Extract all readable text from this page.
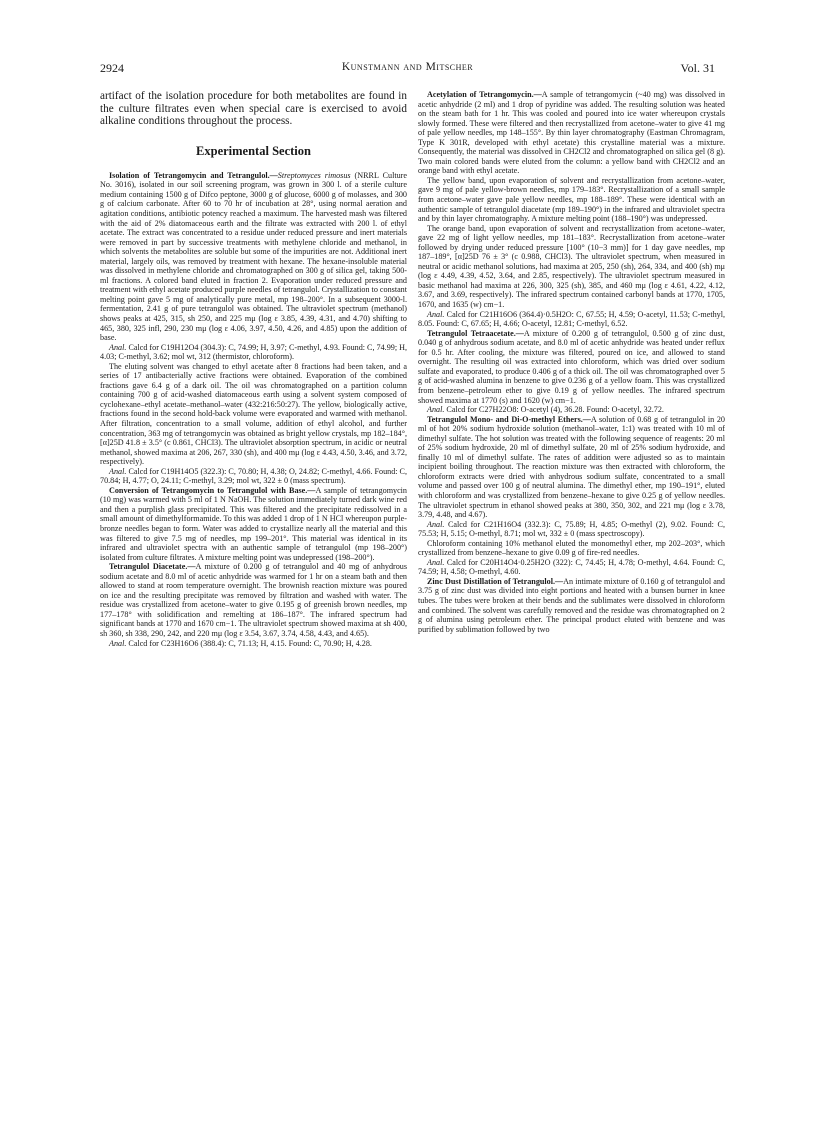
2924	Kunstmann and Mitscher	Vol. 31

artifact of the isolation procedure for both metabolites are found in the culture filtrates even when special care is exercised to avoid alkaline conditions throughout the process.

Experimental Section

Isolation of Tetrangomycin and Tetrangulol.—Streptomyces rimosus (NRRL Culture No. 3016), isolated in our soil screening program, was grown in 300 l. of a sterile culture medium containing 1500 g of Difco peptone, 3000 g of glucose, 6000 g of molasses, and 300 g of calcium carbonate. After 60 to 70 hr of incubation at 28°, using normal aeration and agitation conditions, antibiotic potency reached a maximum. The harvested mash was filtered with the aid of 2% diatomaceous earth and the filtrate was extracted with 200 l. of ethyl acetate. The extract was concentrated to a residue under reduced pressure and inert materials were removed in part by successive treatments with methylene chloride and methanol, in which solvents the metabolites are soluble but some of the impurities are not. Additional inert material, largely oils, was removed by treatment with hexane. The hexane-insoluble material was dissolved in methylene chloride and chromatographed on 300 g of silica gel, taking 500-ml fractions. A colored band eluted in fraction 2. Evaporation under reduced pressure and treatment with ethyl acetate produced purple needles of tetrangulol. Crystallization to constant melting point gave 5 mg of analytically pure metal, mp 198–200°. In a subsequent 3000-l. fermentation, 2.41 g of pure tetrangulol was obtained. The ultraviolet spectrum (methanol) shows peaks at 425, 315, sh 250, and 225 mμ (log ε 3.85, 4.39, 4.31, and 4.70) shifting to 465, 380, 325 infl, 290, 230 mμ (log ε 4.06, 3.97, 4.50, 4.26, and 4.85) upon the addition of base.

Anal. Calcd for C19H12O4 (304.3): C, 74.99; H, 3.97; C-methyl, 4.93. Found: C, 74.99; H, 4.03; C-methyl, 3.62; mol wt, 312 (thermistor, chloroform).

The eluting solvent was changed to ethyl acetate after 8 fractions had been taken, and a series of 17 antibacterially active fractions were obtained. Evaporation of the combined fractions gave 6.4 g of a dark oil. The oil was chromatographed on a partition column containing 700 g of acid-washed diatomaceous earth using a solvent system composed of cyclohexane–ethyl acetate–methanol–water (432:216:50:27). The yellow, biologically active, fractions found in the second hold-back volume were evaporated and warmed with methanol. After filtration, concentration to a small volume, addition of ethyl alcohol, and further concentration, 363 mg of tetrangomycin was obtained as bright yellow crystals, mp 182–184°, [α]25D 41.8 ± 3.5° (c 0.861, CHCl3). The ultraviolet absorption spectrum, in acidic or neutral methanol, showed maxima at 206, 267, 330 (sh), and 400 mμ (log ε 4.43, 4.50, 3.46, and 3.72, respectively).

Anal. Calcd for C19H14O5 (322.3): C, 70.80; H, 4.38; O, 24.82; C-methyl, 4.66. Found: C, 70.84; H, 4.77; O, 24.11; C-methyl, 3.29; mol wt, 322 ± 0 (mass spectrum).

Conversion of Tetrangomycin to Tetrangulol with Base.—A sample of tetrangomycin (10 mg) was warmed with 5 ml of 1 N NaOH. The solution immediately turned dark wine red and then a purplish glass precipitated. This was filtered and the precipitate redissolved in a small amount of dimethylformamide. To this was added 1 drop of 1 N HCl whereupon purple-bronze needles began to form. Water was added to crystallize nearly all the material and this was filtered to give 7.5 mg of needles, mp 199–201°. This material was identical in its infrared and ultraviolet spectra with an authentic sample of tetrangulol (mp 198–200°) isolated from culture filtrates. A mixture melting point was undepressed (198–200°).

Tetrangulol Diacetate.—A mixture of 0.200 g of tetrangulol and 40 mg of anhydrous sodium acetate and 8.0 ml of acetic anhydride was warmed for 1 hr on a steam bath and then allowed to stand at room temperature overnight. The brownish reaction mixture was poured on ice and the resulting precipitate was removed by filtration and washed with water. The residue was crystallized from acetone–water to give 0.195 g of greenish brown needles, mp 177–178° with solidification and remelting at 186–187°. The infrared spectrum had significant bands at 1770 and 1670 cm−1. The ultraviolet spectrum showed maxima at sh 400, sh 360, sh 338, 290, 242, and 220 mμ (log ε 3.54, 3.67, 3.74, 4.58, 4.43, and 4.65).

Anal. Calcd for C23H16O6 (388.4): C, 71.13; H, 4.15. Found: C, 70.90; H, 4.28.

Acetylation of Tetrangomycin.—A sample of tetrangomycin (~40 mg) was dissolved in acetic anhydride (2 ml) and 1 drop of pyridine was added. The resulting solution was heated on the steam bath for 1 hr. This was cooled and poured into ice water whereupon crystals slowly formed. These were filtered and then recrystallized from acetone–water to give 41 mg of pale yellow needles, mp 148–155°. By thin layer chromatography (Eastman Chromagram, Type K 301R, developed with ethyl acetate) this crystalline material was a mixture. Consequently, the material was dissolved in CH2Cl2 and chromatographed on silica gel (8 g). Two main colored bands were eluted from the column: a yellow band with CH2Cl2 and an orange band with ethyl acetate.

The yellow band, upon evaporation of solvent and recrystallization from acetone–water, gave 9 mg of pale yellow-brown needles, mp 179–183°. Recrystallization of a small sample from acetone–water gave pale yellow needles, mp 188–189°. These were identical with an authentic sample of tetrangulol diacetate (mp 189–190°) in the infrared and ultraviolet spectra and by thin layer chromatography. A mixture melting point (188–190°) was undepressed.

The orange band, upon evaporation of solvent and recrystallization from acetone–water, gave 22 mg of light yellow needles, mp 181–183°. Recrystallization from acetone–water followed by drying under reduced pressure [100° (10−3 mm)] for 1 day gave needles, mp 187–189°, [α]25D 76 ± 3° (c 0.988, CHCl3). The ultraviolet spectrum, when measured in neutral or acidic methanol solutions, had maxima at 205, 250 (sh), 264, 334, and 400 (sh) mμ (log ε 4.49, 4.39, 4.52, 3.64, and 2.85, respectively). The ultraviolet spectrum measured in basic methanol had maxima at 226, 300, 325 (sh), 385, and 460 mμ (log ε 4.61, 4.22, 4.12, 3.67, and 3.69, respectively). The infrared spectrum contained carbonyl bands at 1770, 1705, 1670, and 1635 (w) cm−1.

Anal. Calcd for C21H16O6 (364.4)·0.5H2O: C, 67.55; H, 4.59; O-acetyl, 11.53; C-methyl, 8.05. Found: C, 67.65; H, 4.66; O-acetyl, 12.81; C-methyl, 6.52.

Tetrangulol Tetraacetate.—A mixture of 0.200 g of tetrangulol, 0.500 g of zinc dust, 0.040 g of anhydrous sodium acetate, and 8.0 ml of acetic anhydride was heated under reflux for 0.5 hr. After cooling, the mixture was filtered, poured on ice, and allowed to stand overnight. The resulting oil was extracted into chloroform, which was dried over sodium sulfate and evaporated, to produce 0.406 g of a thick oil. The oil was chromatographed over 5 g of acid-washed alumina in benzene to give 0.236 g of a yellow foam. This was crystallized from benzene–petroleum ether to give 0.19 g of yellow needles. The infrared spectrum showed maxima at 1770 (s) and 1620 (w) cm−1.

Anal. Calcd for C27H22O8: O-acetyl (4), 36.28. Found: O-acetyl, 32.72.

Tetrangulol Mono- and Di-O-methyl Ethers.—A solution of 0.68 g of tetrangulol in 20 ml of hot 20% sodium hydroxide solution (methanol–water, 1:1) was treated with 10 ml of dimethyl sulfate. The hot solution was treated with the following sequence of reagents: 20 ml of 25% sodium hydroxide, 20 ml of dimethyl sulfate, 20 ml of 25% sodium hydroxide, and finally 10 ml of dimethyl sulfate. The rates of addition were adjusted so as to maintain incipient boiling throughout. The reaction mixture was then extracted with chloroform, the chloroform extracts were dried with anhydrous sodium sulfate, concentrated to a small volume and passed over 100 g of neutral alumina. The dimethyl ether, mp 190–191°, eluted with chloroform and was crystallized from benzene–hexane to give 0.25 g of yellow needles. The ultraviolet spectrum in ethanol showed peaks at 380, 350, 302, and 221 mμ (log ε 3.78, 3.79, 4.48, and 4.67).

Anal. Calcd for C21H16O4 (332.3): C, 75.89; H, 4.85; O-methyl (2), 9.02. Found: C, 75.53; H, 5.15; O-methyl, 8.71; mol wt, 332 ± 0 (mass spectroscopy).

Chloroform containing 10% methanol eluted the monomethyl ether, mp 202–203°, which crystallized from benzene–hexane to give 0.09 g of fire-red needles.

Anal. Calcd for C20H14O4·0.25H2O (322): C, 74.45; H, 4.78; O-methyl, 4.64. Found: C, 74.59; H, 4.58; O-methyl, 4.60.

Zinc Dust Distillation of Tetrangulol.—An intimate mixture of 0.160 g of tetrangulol and 3.75 g of zinc dust was divided into eight portions and heated with a bunsen burner in knee tubes. The tubes were broken at their bends and the sublimates were dissolved in chloroform and combined. The solvent was carefully removed and the residue was chromatographed on 2 g of alumina using petroleum ether. The principal product eluted with benzene and was purified by sublimation followed by two
